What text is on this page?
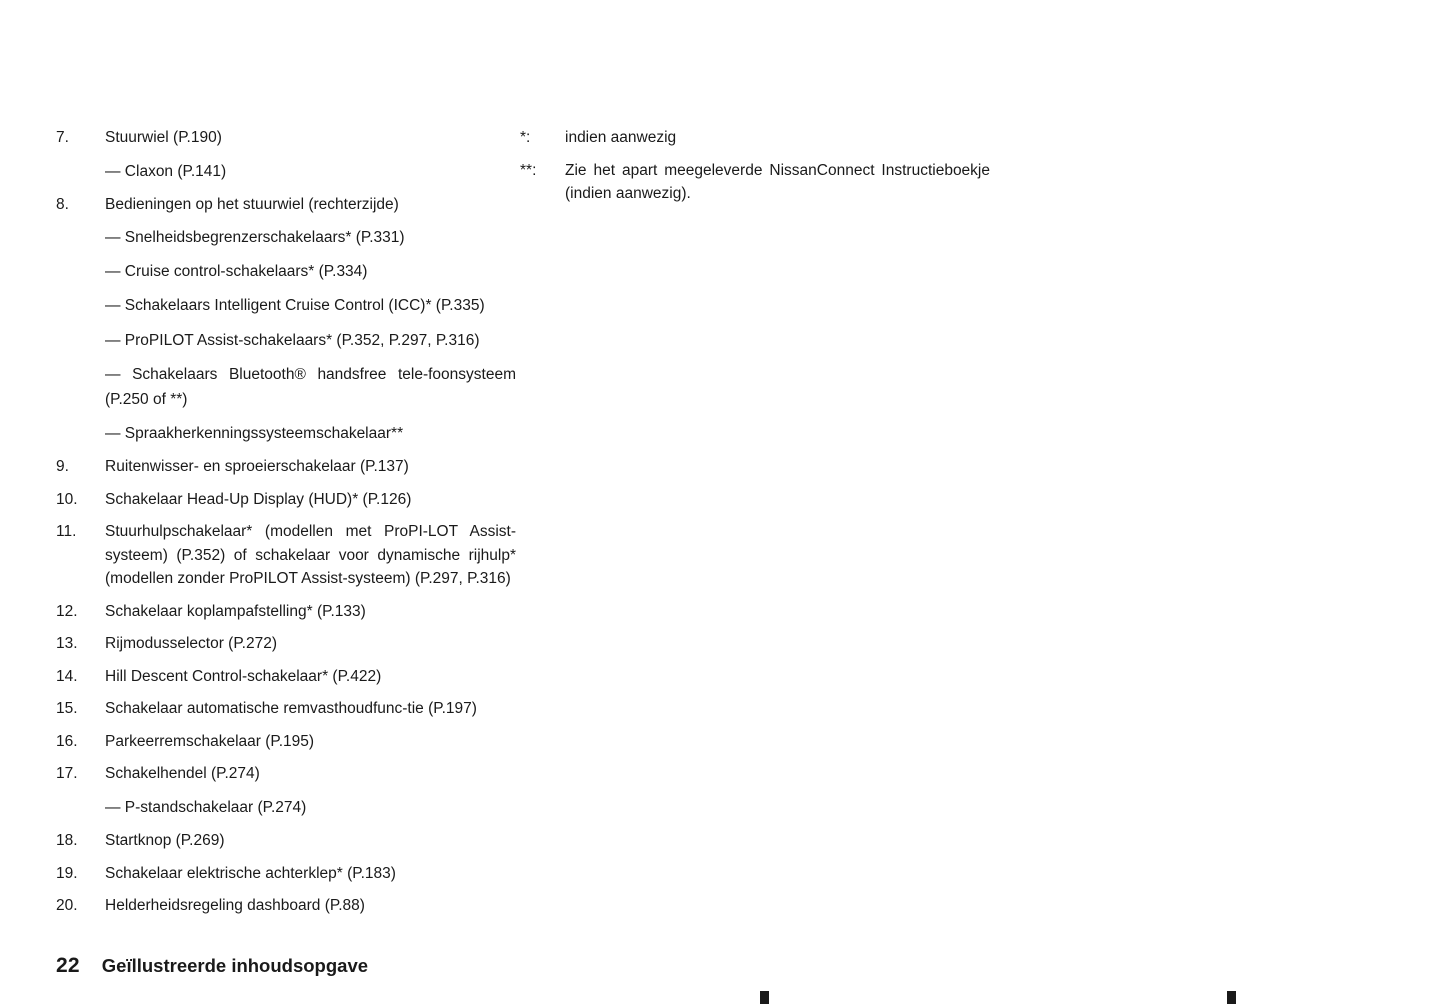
7.	Stuurwiel (P.190)
— Claxon (P.141)
8.	Bedieningen op het stuurwiel (rechterzijde)
— Snelheidsbegrenzerschakelaars* (P.331)
— Cruise control-schakelaars* (P.334)
— Schakelaars Intelligent Cruise Control (ICC)* (P.335)
— ProPILOT Assist-schakelaars* (P.352, P.297, P.316)
— Schakelaars Bluetooth® handsfree tele-foonsysteem (P.250 of **)
— Spraakherkenningssysteemschakelaar**
9.	Ruitenwisser- en sproeierschakelaar (P.137)
10.	Schakelaar Head-Up Display (HUD)* (P.126)
11.	Stuurhulpschakelaar* (modellen met ProPI-LOT Assist-systeem) (P.352) of schakelaar voor dynamische rijhulp* (modellen zonder ProPILOT Assist-systeem) (P.297, P.316)
12.	Schakelaar koplampafstelling* (P.133)
13.	Rijmodusselector (P.272)
14.	Hill Descent Control-schakelaar* (P.422)
15.	Schakelaar automatische remvasthoudfunc-tie (P.197)
16.	Parkeerremschakelaar (P.195)
17.	Schakelhendel (P.274)
— P-standschakelaar (P.274)
18.	Startknop (P.269)
19.	Schakelaar elektrische achterklep* (P.183)
20.	Helderheidsregeling dashboard (P.88)
*:	indien aanwezig
**:	Zie het apart meegeleverde NissanConnect Instructieboekje (indien aanwezig).
22 Geïllustreerde inhoudsopgave
